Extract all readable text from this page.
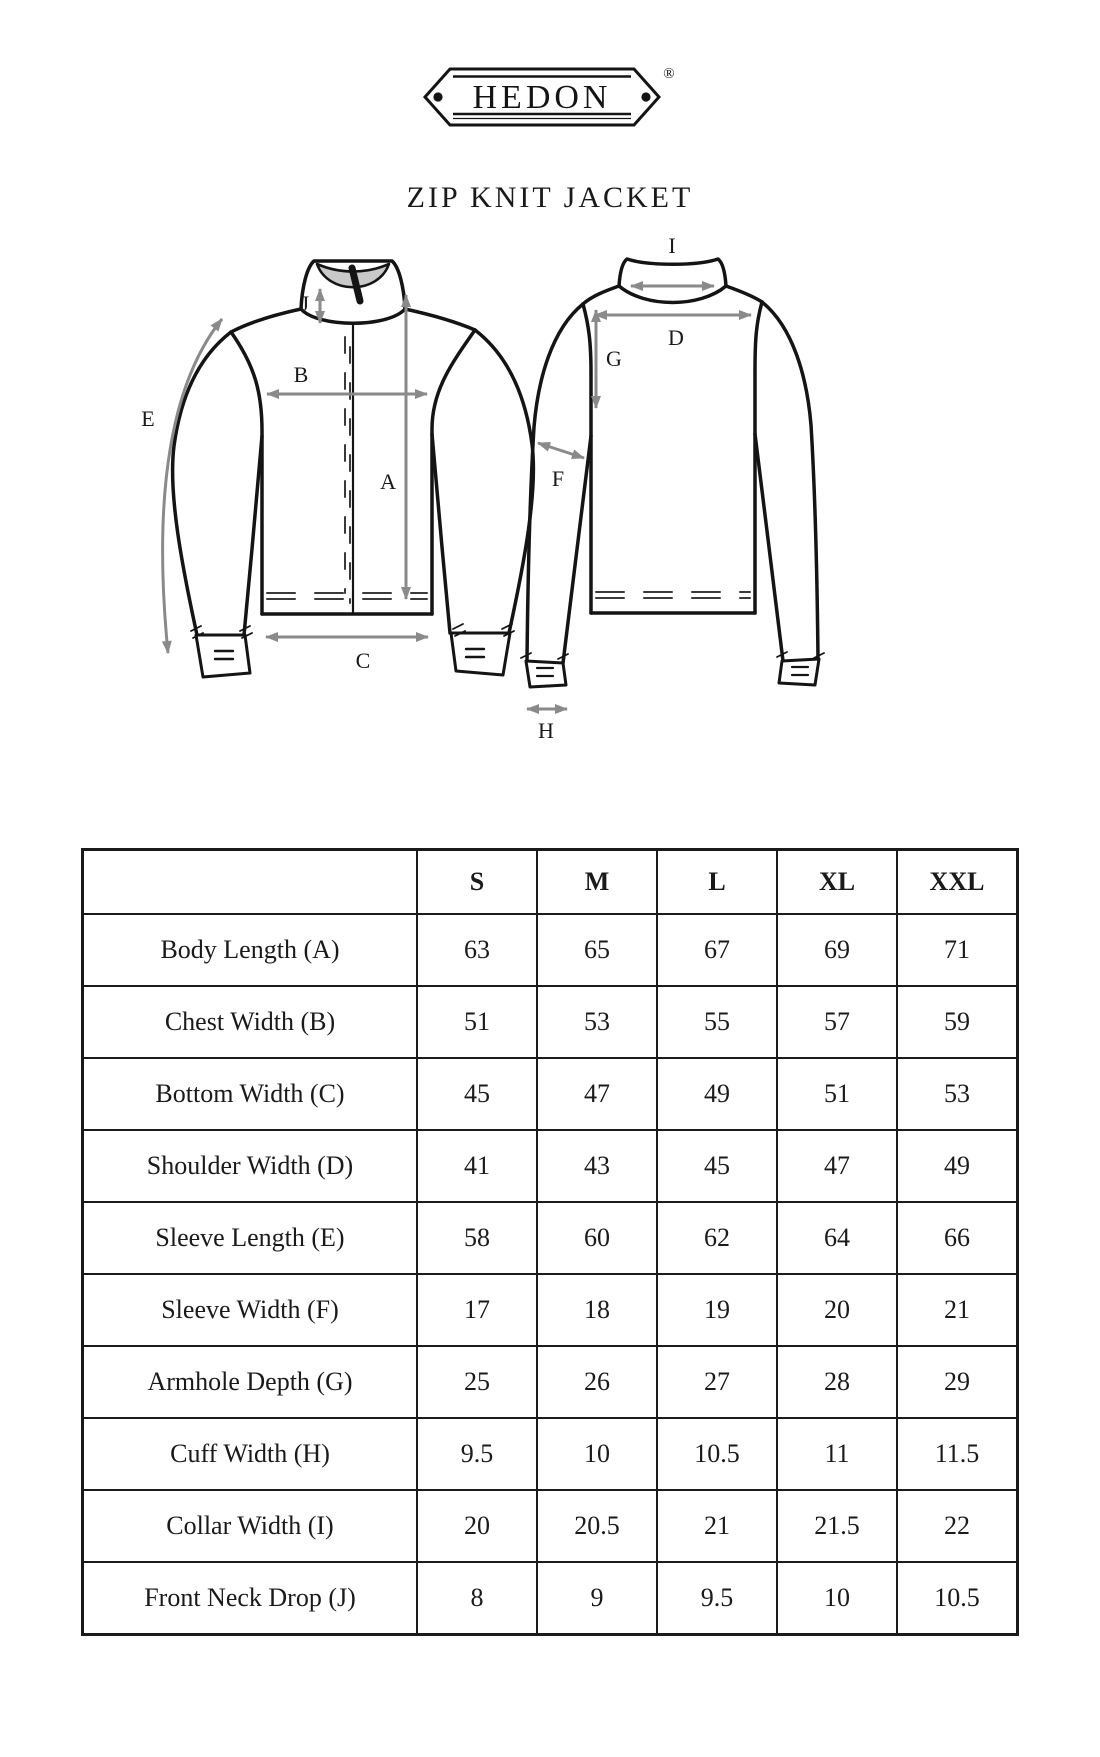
HEDON
®
ZIP KNIT JACKET
B
A
C
E
J
I
D
G
F
H
	S	M	L	XL	XXL
Body Length (A)	63	65	67	69	71
Chest Width (B)	51	53	55	57	59
Bottom Width (C)	45	47	49	51	53
Shoulder Width (D)	41	43	45	47	49
Sleeve Length (E)	58	60	62	64	66
Sleeve Width (F)	17	18	19	20	21
Armhole Depth (G)	25	26	27	28	29
Cuff Width (H)	9.5	10	10.5	11	11.5
Collar Width (I)	20	20.5	21	21.5	22
Front Neck Drop (J)	8	9	9.5	10	10.5
